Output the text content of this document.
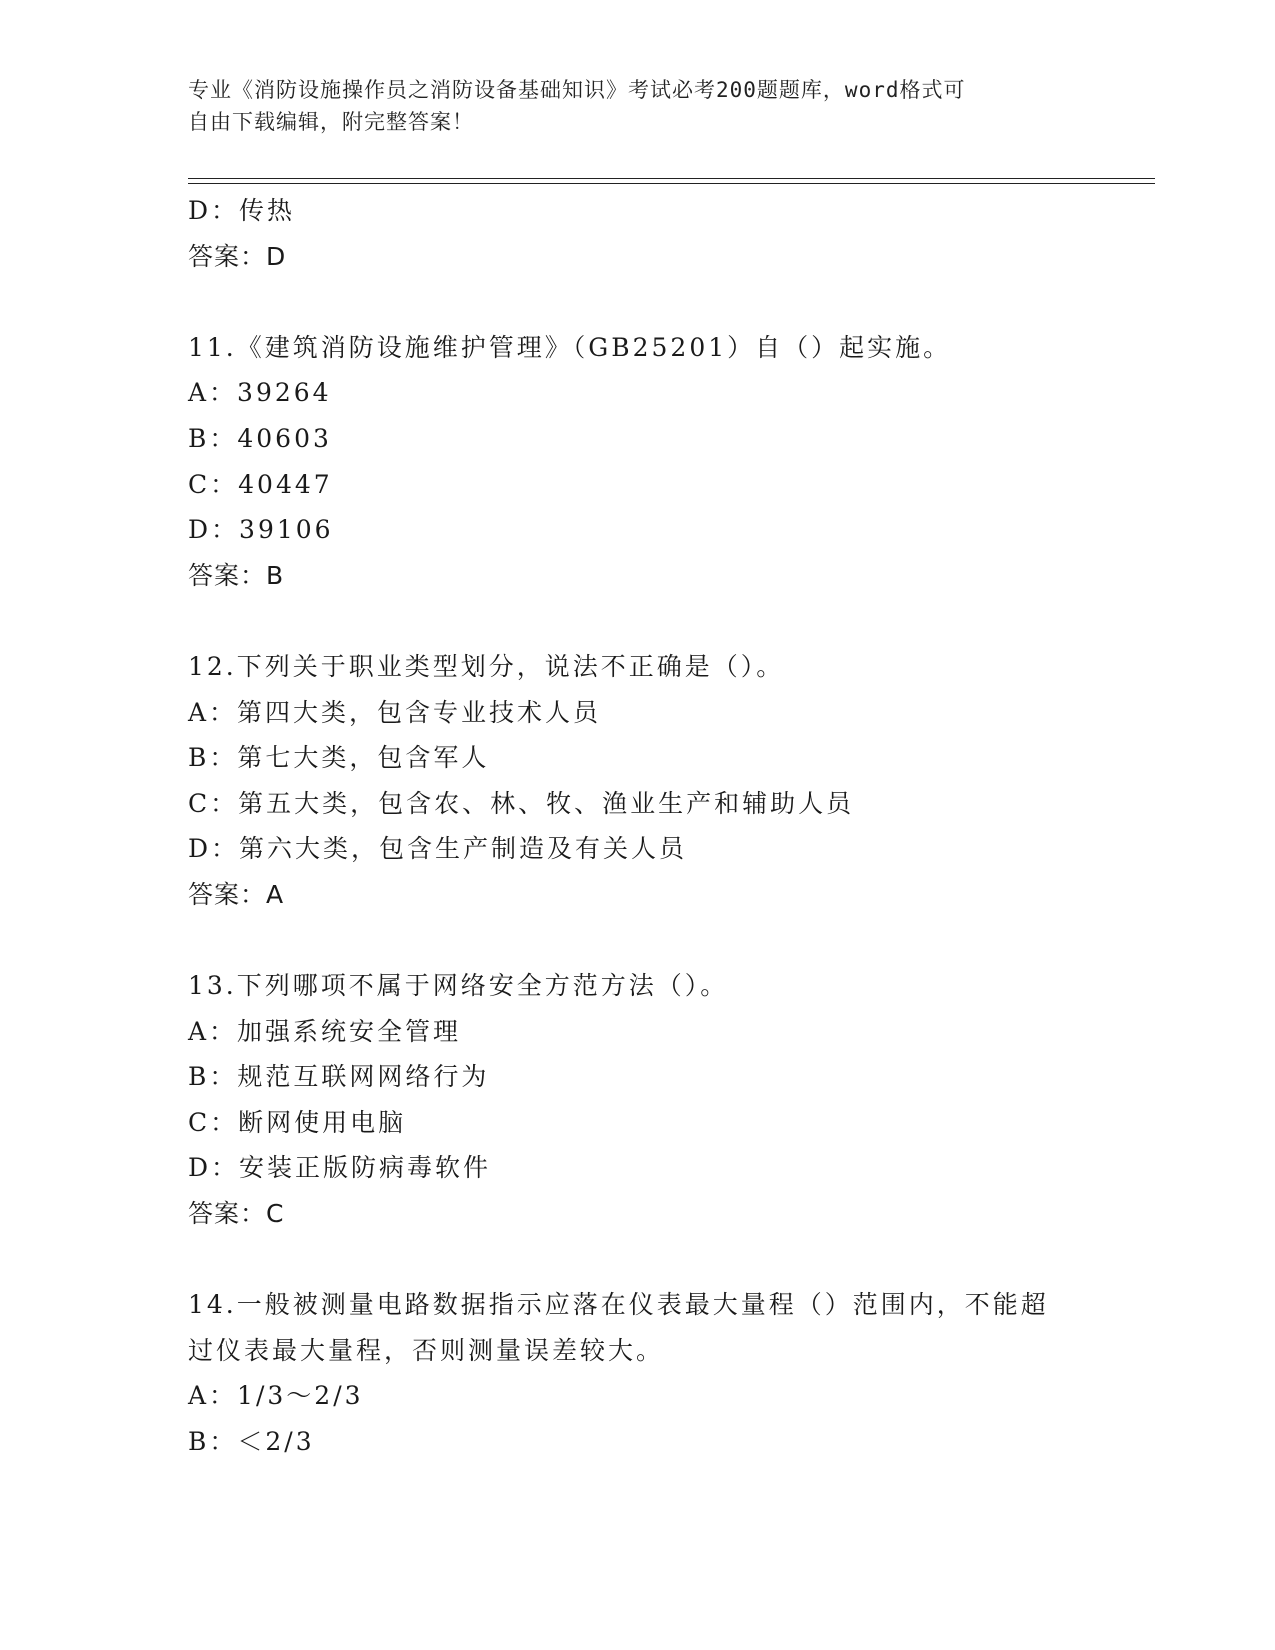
专业《消防设施操作员之消防设备基础知识》考试必考200题题库，word格式可
自由下载编辑，附完整答案！
D：传热
答案：D
11.《建筑消防设施维护管理》（GB25201）自（）起实施。
A：39264
B：40603
C：40447
D：39106
答案：B
12.下列关于职业类型划分，说法不正确是（）。
A：第四大类，包含专业技术人员
B：第七大类，包含军人
C：第五大类，包含农、林、牧、渔业生产和辅助人员
D：第六大类，包含生产制造及有关人员
答案：A
13.下列哪项不属于网络安全方范方法（）。
A：加强系统安全管理
B：规范互联网网络行为
C：断网使用电脑
D：安装正版防病毒软件
答案：C
14.一般被测量电路数据指示应落在仪表最大量程（）范围内，不能超
过仪表最大量程，否则测量误差较大。
A：1/3～2/3
B：＜2/3
